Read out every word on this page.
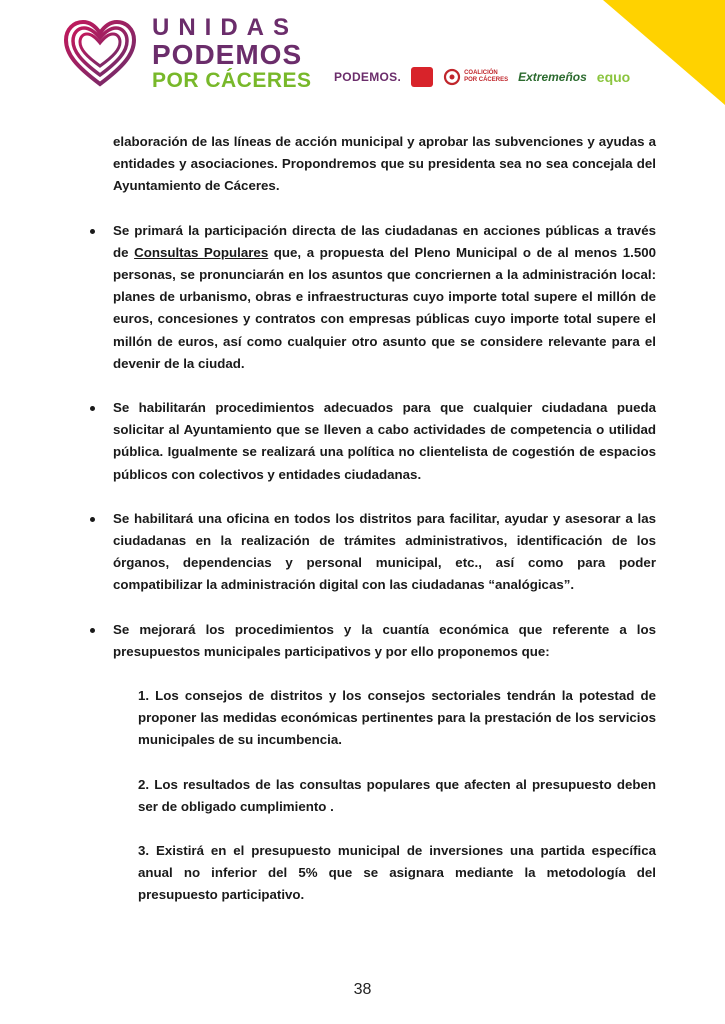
UNIDAS
PODEMOS
POR CÁCERES PODEMOS.	COALICIÓN
POR CÁCERES Extremeños equo

elaboración de las líneas de acción municipal y aprobar las subvenciones y ayudas a entidades y asociaciones. Propondremos que su presidenta sea no sea concejala del Ayuntamiento de Cáceres.

Se primará la participación directa de las ciudadanas en acciones públicas a través de Consultas Populares que, a propuesta del Pleno Municipal o de al menos 1.500 personas, se pronunciarán en los asuntos que concriernen a la administración local: planes de urbanismo, obras e infraestructuras cuyo importe total supere el millón de euros, concesiones y contratos con empresas públicas cuyo importe total supere el millón de euros, así como cualquier otro asunto que se considere relevante para el devenir de la ciudad.

Se habilitarán procedimientos adecuados para que cualquier ciudadana pueda solicitar al Ayuntamiento que se lleven a cabo actividades de competencia o utilidad pública. Igualmente se realizará una política no clientelista de cogestión de espacios públicos con colectivos y entidades ciudadanas.

Se habilitará una oficina en todos los distritos para facilitar, ayudar y asesorar a las ciudadanas en la realización de trámites administrativos, identificación de los órganos, dependencias y personal municipal, etc., así como para poder compatibilizar la administración digital con las ciudadanas “analógicas”.

Se mejorará los procedimientos y la cuantía económica que referente a los presupuestos municipales participativos y por ello proponemos que:

1. Los consejos de distritos y los consejos sectoriales tendrán la potestad de proponer las medidas económicas pertinentes para la prestación de los servicios municipales de su incumbencia.

2. Los resultados de las consultas populares que afecten al presupuesto deben ser de obligado cumplimiento .

3. Existirá en el presupuesto municipal de inversiones una partida específica anual no inferior del 5% que se asignara mediante la metodología del presupuesto participativo.

38
